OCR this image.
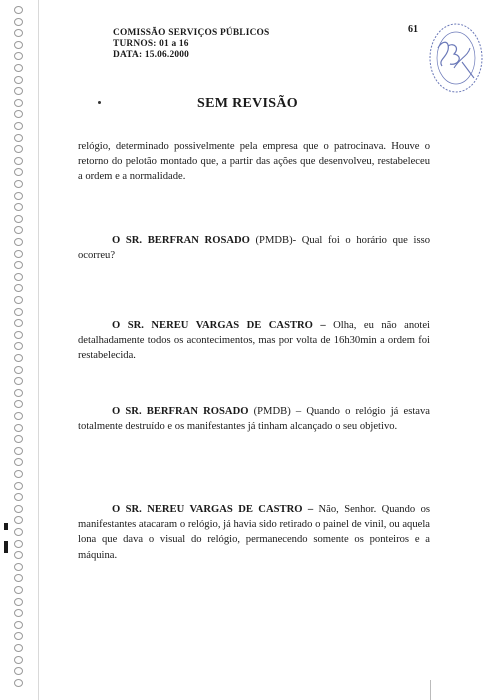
COMISSÃO SERVIÇOS PÚBLICOS
TURNOS: 01 a 16
DATA: 15.06.2000
61
SEM REVISÃO
relógio, determinado possivelmente pela empresa que o patrocinava. Houve o retorno do pelotão montado que, a partir das ações que desenvolveu, restabeleceu a ordem e a normalidade.
O SR. BERFRAN ROSADO (PMDB)- Qual foi o horário que isso ocorreu?
O SR. NEREU VARGAS DE CASTRO – Olha, eu não anotei detalhadamente todos os acontecimentos, mas por volta de 16h30min a ordem foi restabelecida.
O SR. BERFRAN ROSADO (PMDB) – Quando o relógio já estava totalmente destruído e os manifestantes já tinham alcançado o seu objetivo.
O SR. NEREU VARGAS DE CASTRO – Não, Senhor. Quando os manifestantes atacaram o relógio, já havia sido retirado o painel de vinil, ou aquela lona que dava o visual do relógio, permanecendo somente os ponteiros e a máquina.
